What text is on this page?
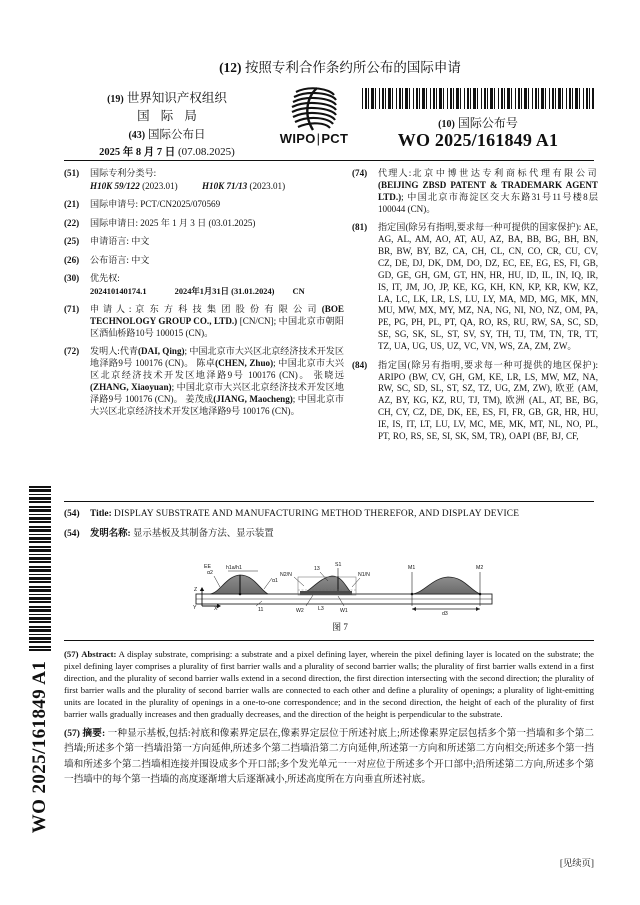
WO 2025/161849 A1
(12) 按照专利合作条约所公布的国际申请
(19) 世界知识产权组织
国 际 局
(43) 国际公布日
2025 年 8 月 7 日 (07.08.2025)
WIPO|PCT
(10) 国际公布号
WO 2025/161849 A1
(51) 国际专利分类号:
H10K 59/122 (2023.01)	H10K 71/13 (2023.01)
(21) 国际申请号: PCT/CN2025/070569
(22) 国际申请日: 2025 年 1 月 3 日 (03.01.2025)
(25) 申请语言: 中文
(26) 公布语言: 中文
(30) 优先权:
202410140174.1	2024年1月31日 (31.01.2024) CN
(71) 申请人:京东方科技集团股份有限公司(BOE TECHNOLOGY GROUP CO., LTD.) [CN/CN]; 中国北京市朝阳区酒仙桥路10号 100015 (CN)。
(72) 发明人:代青(DAI, Qing); 中国北京市大兴区北京经济技术开发区地泽路9号 100176 (CN)。 陈卓(CHEN, Zhuo); 中国北京市大兴区北京经济技术开发区地泽路9号 100176 (CN)。 张晓远(ZHANG, Xiaoyuan); 中国北京市大兴区北京经济技术开发区地泽路9号 100176 (CN)。 姜茂成(JIANG, Maocheng); 中国北京市大兴区北京经济技术开发区地泽路9号 100176 (CN)。
(74) 代理人:北京中博世达专利商标代理有限公司(BEIJING ZBSD PATENT & TRADEMARK AGENT LTD.); 中国北京市海淀区交大东路31号11号楼8层 100044 (CN)。
(81) 指定国(除另有指明,要求每一种可提供的国家保护): AE, AG, AL, AM, AO, AT, AU, AZ, BA, BB, BG, BH, BN, BR, BW, BY, BZ, CA, CH, CL, CN, CO, CR, CU, CV, CZ, DE, DJ, DK, DM, DO, DZ, EC, EE, EG, ES, FI, GB, GD, GE, GH, GM, GT, HN, HR, HU, ID, IL, IN, IQ, IR, IS, IT, JM, JO, JP, KE, KG, KH, KN, KP, KR, KW, KZ, LA, LC, LK, LR, LS, LU, LY, MA, MD, MG, MK, MN, MU, MW, MX, MY, MZ, NA, NG, NI, NO, NZ, OM, PA, PE, PG, PH, PL, PT, QA, RO, RS, RU, RW, SA, SC, SD, SE, SG, SK, SL, ST, SV, SY, TH, TJ, TM, TN, TR, TT, TZ, UA, UG, US, UZ, VC, VN, WS, ZA, ZM, ZW。
(84) 指定国(除另有指明,要求每一种可提供的地区保护): ARIPO (BW, CV, GH, GM, KE, LR, LS, MW, MZ, NA, RW, SC, SD, SL, ST, SZ, TZ, UG, ZM, ZW), 欧亚 (AM, AZ, BY, KG, KZ, RU, TJ, TM), 欧洲 (AL, AT, BE, BG, CH, CY, CZ, DE, DK, EE, ES, FI, FR, GB, GR, HR, HU, IE, IS, IT, LT, LU, LV, MC, ME, MK, MT, NL, NO, PL, PT, RO, RS, SE, SI, SK, SM, TR), OAPI (BF, BJ, CF,
(54) Title: DISPLAY SUBSTRATE AND MANUFACTURING METHOD THEREFOR, AND DISPLAY DEVICE
(54) 发明名称: 显示基板及其制备方法、显示装置
EE
Z
X
Y
α2
α1
h1a/h1
11
N2/N	N1/N
13
S1
W1
W2	L3
M1	M2
d3
图 7
(57) Abstract: A display substrate, comprising: a substrate and a pixel defining layer, wherein the pixel defining layer is located on the substrate; the pixel defining layer comprises a plurality of first barrier walls and a plurality of second barrier walls; the plurality of first barrier walls extend in a first direction, and the plurality of second barrier walls extend in a second direction, the first direction intersecting with the second direction; the plurality of first barrier walls and the plurality of second barrier walls are connected to each other and define a plurality of openings; a plurality of light-emitting units are located in the plurality of openings in a one-to-one correspondence; and in the second direction, the height of each of the plurality of first barrier walls gradually increases and then gradually decreases, and the direction of the height is perpendicular to the substrate.
(57) 摘要: 一种显示基板,包括:衬底和像素界定层在,像素界定层位于所述衬底上;所述像素界定层包括多个第一挡墙和多个第二挡墙;所述多个第一挡墙沿第一方向延伸,所述多个第二挡墙沿第二方向延伸,所述第一方向和所述第二方向相交;所述多个第一挡墙和所述多个第二挡墙相连接并围设成多个开口部;多个发光单元一一对应位于所述多个开口部中;沿所述第二方向,所述多个第一挡墙中的每个第一挡墙的高度逐渐增大后逐渐减小,所述高度所在方向垂直所述衬底。
[见续页]
